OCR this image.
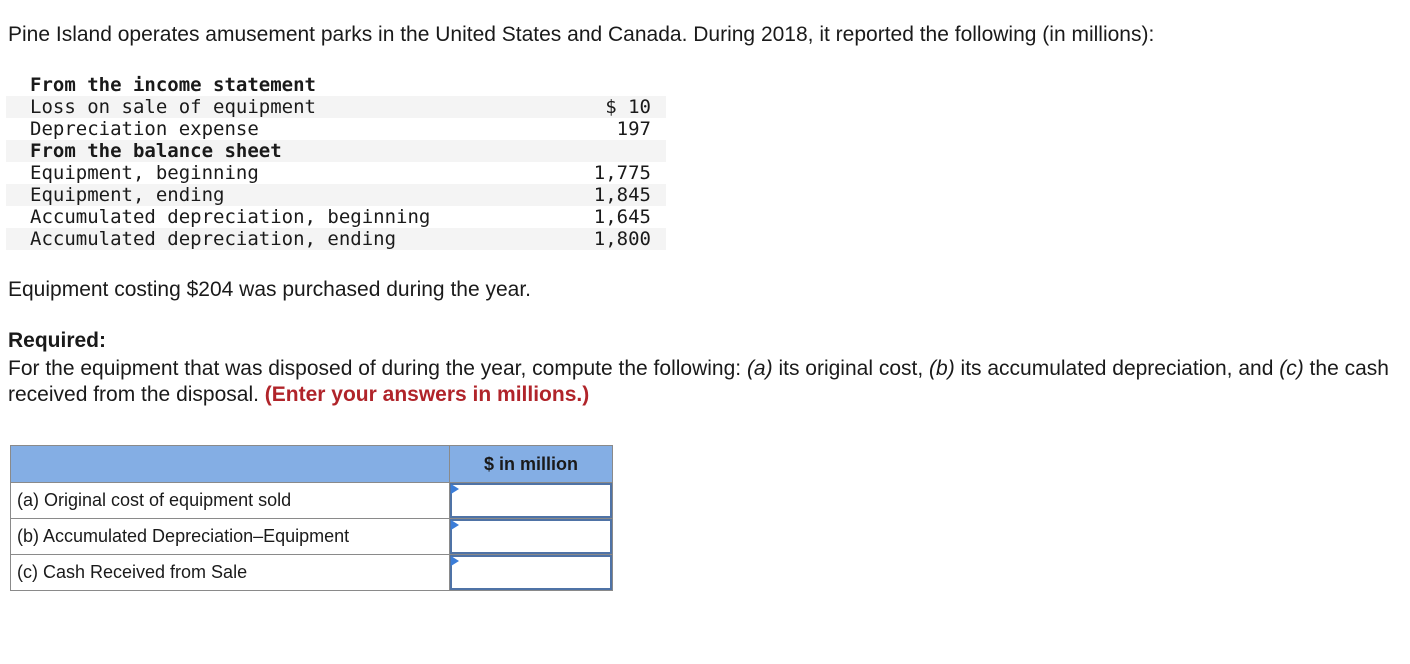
Pine Island operates amusement parks in the United States and Canada. During 2018, it reported the following (in millions):
From the income statement	
Loss on sale of equipment	$ 10
Depreciation expense	197
From the balance sheet	
Equipment, beginning	1,775
Equipment, ending	1,845
Accumulated depreciation, beginning	1,645
Accumulated depreciation, ending	1,800
Equipment costing $204 was purchased during the year.
Required:
For the equipment that was disposed of during the year, compute the following: (a) its original cost, (b) its accumulated depreciation, and (c) the cash received from the disposal. (Enter your answers in millions.)
	$ in million
(a) Original cost of equipment sold	

(b) Accumulated Depreciation–Equipment	

(c) Cash Received from Sale	
